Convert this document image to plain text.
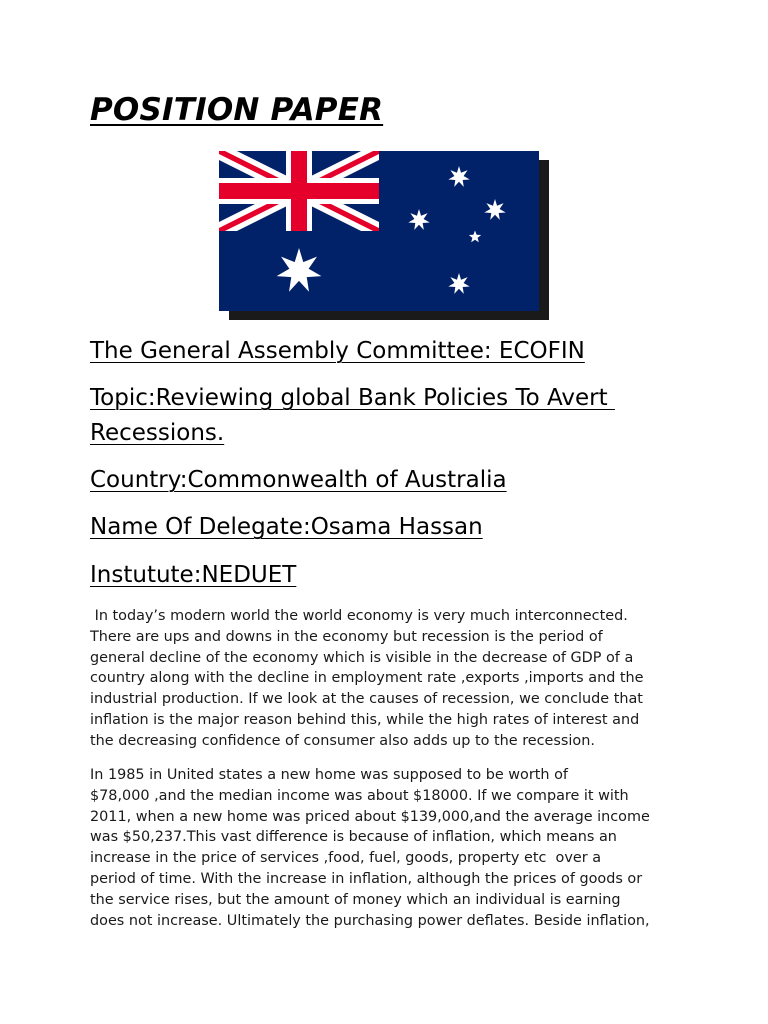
POSITION PAPER

The General Assembly Committee: ECOFIN

Topic:Reviewing global Bank Policies To Avert

Recessions.

Country:Commonwealth of Australia

Name Of Delegate:Osama Hassan

Instutute:NEDUET

In today’s modern world the world economy is very much interconnected.
There are ups and downs in the economy but recession is the period of
general decline of the economy which is visible in the decrease of GDP of a
country along with the decline in employment rate ,exports ,imports and the
industrial production. If we look at the causes of recession, we conclude that
inflation is the major reason behind this, while the high rates of interest and
the decreasing confidence of consumer also adds up to the recession.
In 1985 in United states a new home was supposed to be worth of
$78,000 ,and the median income was about $18000. If we compare it with
2011, when a new home was priced about $139,000,and the average income
was $50,237.This vast difference is because of inflation, which means an
increase in the price of services ,food, fuel, goods, property etc  over a
period of time. With the increase in inflation, although the prices of goods or
the service rises, but the amount of money which an individual is earning
does not increase. Ultimately the purchasing power deflates. Beside inflation,
